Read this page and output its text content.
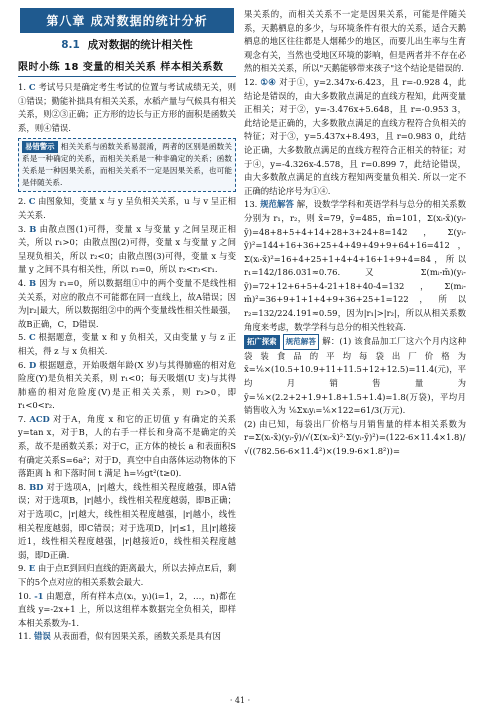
第八章 成对数据的统计分析
8.1 成对数据的统计相关性
限时小练 18 变量的相关关系 样本相关系数

1. C 考试号只是确定考生考试的位置与考试成绩无关，则①错误；勤能补拙具有相关关系，水稻产量与气候具有相关关系，则②③正确；正方形的边长与正方形的面积是函数关系，则④错误.

易错警示 相关关系与函数关系易混淆，两者的区别是函数关系是一种确定的关系，而相关关系是一种非确定的关系；函数关系是一种因果关系，而相关关系不一定是因果关系，也可能是伴随关系.

2. C 由图象知，变量 x 与 y 呈负相关关系，u 与 v 呈正相关关系.

3. B 由散点图(1)可得，变量 x 与变量 y 之间呈现正相关，所以 r₁>0；由散点图(2)可得，变量 x 与变量 y 之间呈现负相关，所以 r₂<0；由散点图(3)可得，变量 x 与变量 y 之间不具有相关性，所以 r₃=0，所以 r₂<r₃<r₁.

4. B 因为 r₁=0，所以数据组①中的两个变量不是线性相关关系，对应的散点不可能都在同一直线上，故A错误；因为|r₂|最大，所以数据组②中的两个变量线性相关性最强，故B正确，C，D错误.

5. C 根据题意，变量 x 和 y 负相关，又由变量 y 与 z 正相关，得 z 与 x 负相关.

6. D 根据题意，开始吸烟年龄(X 岁)与其得肺癌的相对危险度(Y)是负相关关系，则 r₁<0；每天吸烟(U 支)与其得肺癌的相对危险度(V)是正相关关系，则 r₂>0，即 r₁<0<r₂.

7. ACD 对于A，角度 x 和它的正切值 y 有确定的关系 y=tan x，对于B，人的右手一样长和身高不是确定的关系，故不是函数关系；对于C，正方体的棱长 a 和表面积S有确定关系S=6a²；对于D，真空中自由落体运动物体的下落距离 h 和下落时间 t 满足 h=½gt²(t≥0).

8. BD 对于选项A，|r|越大，线性相关程度越强，即A错误；对于选项B，|r|越小，线性相关程度越弱，即B正确；对于选项C，|r|越大，线性相关程度越强，|r|越小，线性相关程度越弱，即C错误；对于选项D，|r|≤1，且|r|越接近1，线性相关程度越强，|r|越接近0，线性相关程度越弱，即D正确.

9. E 由于点E到回归直线的距离最大，所以去掉点E后，剩下的5个点对应的相关系数会最大.

10. -1 由题意，所有样本点(xᵢ，yᵢ)(i=1，2，…，n)都在直线 y=-2x+1 上，所以这组样本数据完全负相关，即样本相关系数为-1.

11. 错误 从表面看，似有因果关系，函数关系是具有因

果关系的，而相关关系不一定是因果关系，可能是伴随关系，天鹅栖息的多少，与环境条件有很大的关系，适合天鹅栖息的地区往往都是人烟稀少的地区，而要儿出生率与生育观念有关，当然也受地区环境的影响，但是两者并不存在必然的相关关系，所以"天鹅能够带来孩子"这个结论是错误的.

12. ①④ 对于①，y=2.347x-6.423，且 r=-0.928 4，此结论是错误的，由大多数散点满足的直线方程知，此两变量正相关；对于②，y=-3.476x+5.648，且 r=-0.953 3，此结论是正确的，大多数散点满足的直线方程符合负相关的特征；对于③，y=5.437x+8.493，且 r=0.983 0，此结论正确，大多数散点满足的直线方程符合正相关的特征；对于④，y=-4.326x-4.578，且 r=0.899 7，此结论错误，由大多数散点满足的直线方程知两变量负相关. 所以一定不正确的结论序号为①④.

13. 规范解答 解，设数学学科和英语学科与总分的相关系数分别为 r₁，r₂，则 x̄=79，ȳ=485，m̄=101，Σ(xᵢ-x̄)(yᵢ-ȳ)=48+8+5+4+14+28+3+24+8=142，Σ(yᵢ-ȳ)²=144+16+36+25+4+49+49+9+64+16=412，Σ(xᵢ-x̄)²=16+4+25+1+4+4+16+1+9+4=84，所以 r₁=142/186.031≈0.76. 又 Σ(mᵢ-m̄)(yᵢ-ȳ)=72+12+6+5+4-21+18+40-4=132，Σ(mᵢ-m̄)²=36+9+1+1+4+9+36+25+1=122，所以 r₂=132/224.191≈0.59，因为|r₁|>|r₂|，所以从相关系数角度来考虑，数学学科与总分的相关性较高.

拓广探索 规范解答 解：(1) 该食品加工厂这六个月内这种袋装食品的平均每袋出厂价格为 x̄=⅙×(10.5+10.9+11+11.5+12+12.5)=11.4(元)，平均月销售量为 ȳ=⅙×(2.2+2+1.9+1.8+1.5+1.4)=1.8(万袋)，平均月销售收入为 ⅙Σxᵢyᵢ=⅙×122=61/3(万元).

(2) 由已知，每袋出厂价格与月销售量的样本相关系数为 r=Σ(xᵢ-x̄)(yᵢ-ȳ)/√(Σ(xᵢ-x̄)²·Σ(yᵢ-ȳ)²)=(122-6×11.4×1.8)/√((782.56-6×11.4²)×(19.9-6×1.8²))=

· 41 ·
